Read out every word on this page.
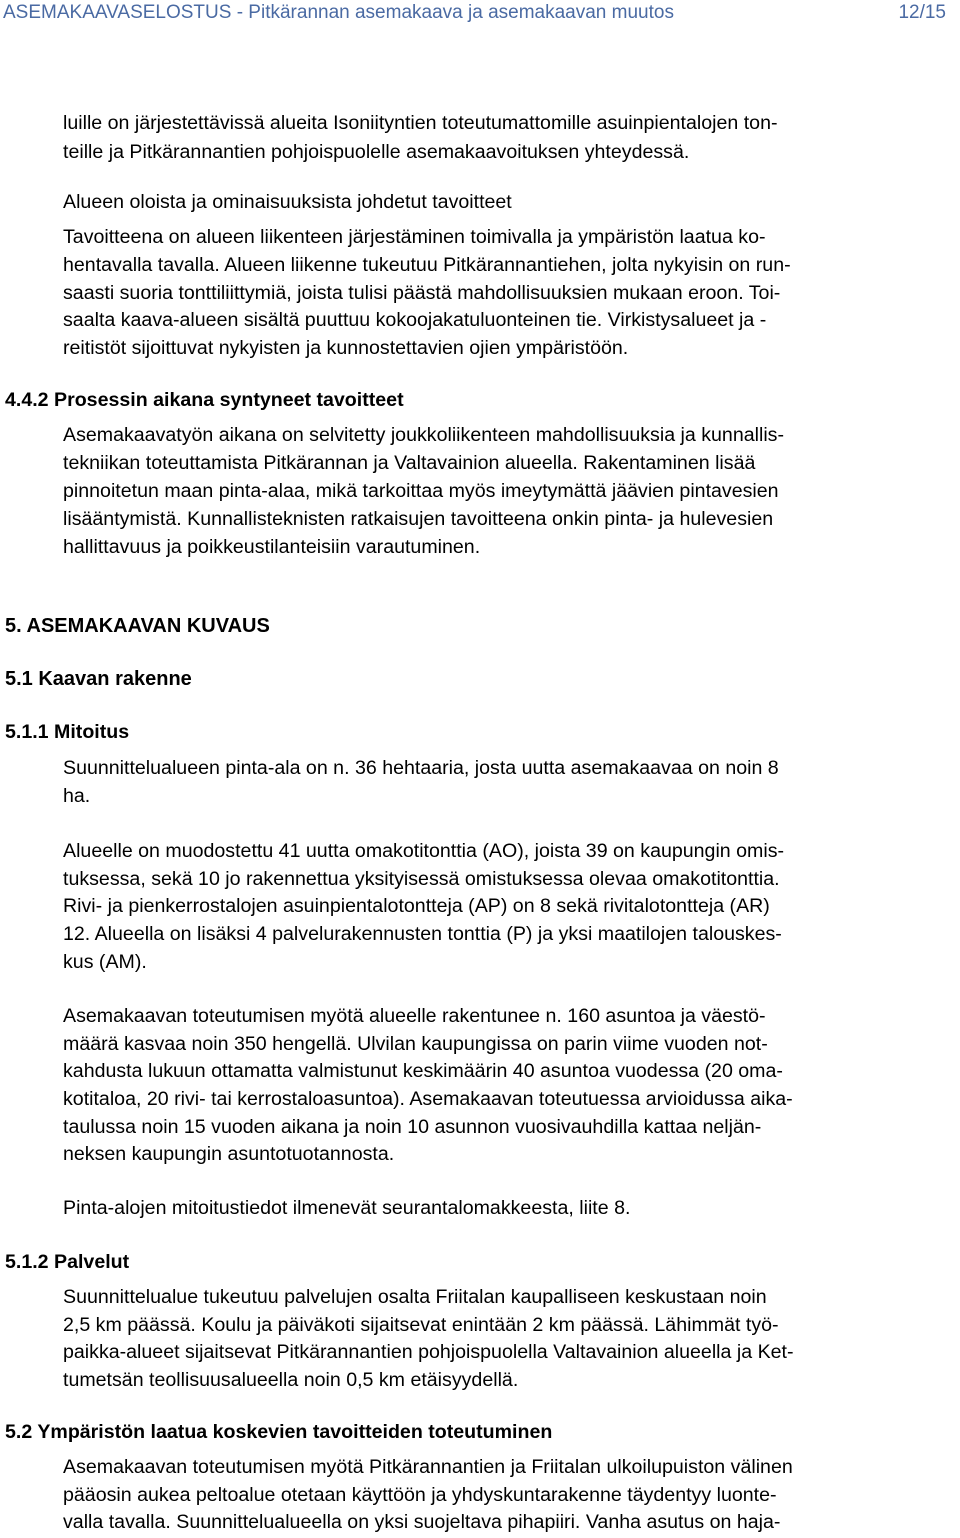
ASEMAKAAVASELOSTUS - Pitkärannan asemakaava ja asemakaavan muutos	12/15
luille on järjestettävissä alueita Isoniityntien toteutumattomille asuinpientalojen ton-
teille ja Pitkärannantien pohjoispuolelle asemakaavoituksen yhteydessä.
Alueen oloista ja ominaisuuksista johdetut tavoitteet
Tavoitteena on alueen liikenteen järjestäminen toimivalla ja ympäristön laatua ko-
hentavalla tavalla. Alueen liikenne tukeutuu Pitkärannantiehen, jolta nykyisin on run-
saasti suoria tonttiliittymiä, joista tulisi päästä mahdollisuuksien mukaan eroon. Toi-
saalta kaava-alueen sisältä puuttuu kokoojakatuluonteinen tie. Virkistysalueet ja -
reitistöt sijoittuvat nykyisten ja kunnostettavien ojien ympäristöön.
4.4.2 Prosessin aikana syntyneet tavoitteet
Asemakaavatyön aikana on selvitetty joukkoliikenteen mahdollisuuksia ja kunnallis-
tekniikan toteuttamista Pitkärannan ja Valtavainion alueella. Rakentaminen lisää
pinnoitetun maan pinta-alaa, mikä tarkoittaa myös imeytymättä jäävien pintavesien
lisääntymistä. Kunnallisteknisten ratkaisujen tavoitteena onkin pinta- ja hulevesien
hallittavuus ja poikkeustilanteisiin varautuminen.
5. ASEMAKAAVAN KUVAUS
5.1 Kaavan rakenne
5.1.1 Mitoitus
Suunnittelualueen pinta-ala on n. 36 hehtaaria, josta uutta asemakaavaa on noin 8
ha.
Alueelle on muodostettu 41 uutta omakotitonttia (AO), joista 39 on kaupungin omis-
tuksessa, sekä 10 jo rakennettua yksityisessä omistuksessa olevaa omakotitonttia.
Rivi- ja pienkerrostalojen asuinpientalotontteja (AP) on 8 sekä rivitalotontteja (AR)
12. Alueella on lisäksi 4 palvelurakennusten tonttia (P) ja yksi maatilojen talouskes-
kus (AM).
Asemakaavan toteutumisen myötä alueelle rakentunee n. 160 asuntoa ja väestö-
määrä kasvaa noin 350 hengellä. Ulvilan kaupungissa on parin viime vuoden not-
kahdusta lukuun ottamatta valmistunut keskimäärin 40 asuntoa vuodessa (20 oma-
kotitaloa, 20 rivi- tai kerrostaloasuntoa). Asemakaavan toteutuessa arvioidussa aika-
taulussa noin 15 vuoden aikana ja noin 10 asunnon vuosivauhdilla kattaa neljän-
neksen kaupungin asuntotuotannosta.
Pinta-alojen mitoitustiedot ilmenevät seurantalomakkeesta, liite 8.
5.1.2 Palvelut
Suunnittelualue tukeutuu palvelujen osalta Friitalan kaupalliseen keskustaan noin
2,5 km päässä. Koulu ja päiväkoti sijaitsevat enintään 2 km päässä. Lähimmät työ-
paikka-alueet sijaitsevat Pitkärannantien pohjoispuolella Valtavainion alueella ja Ket-
tumetsän teollisuusalueella noin 0,5 km etäisyydellä.
5.2 Ympäristön laatua koskevien tavoitteiden toteutuminen
Asemakaavan toteutumisen myötä Pitkärannantien ja Friitalan ulkoilupuiston välinen
pääosin aukea peltoalue otetaan käyttöön ja yhdyskuntarakenne täydentyy luonte-
valla tavalla. Suunnittelualueella on yksi suojeltava pihapiiri. Vanha asutus on haja-
